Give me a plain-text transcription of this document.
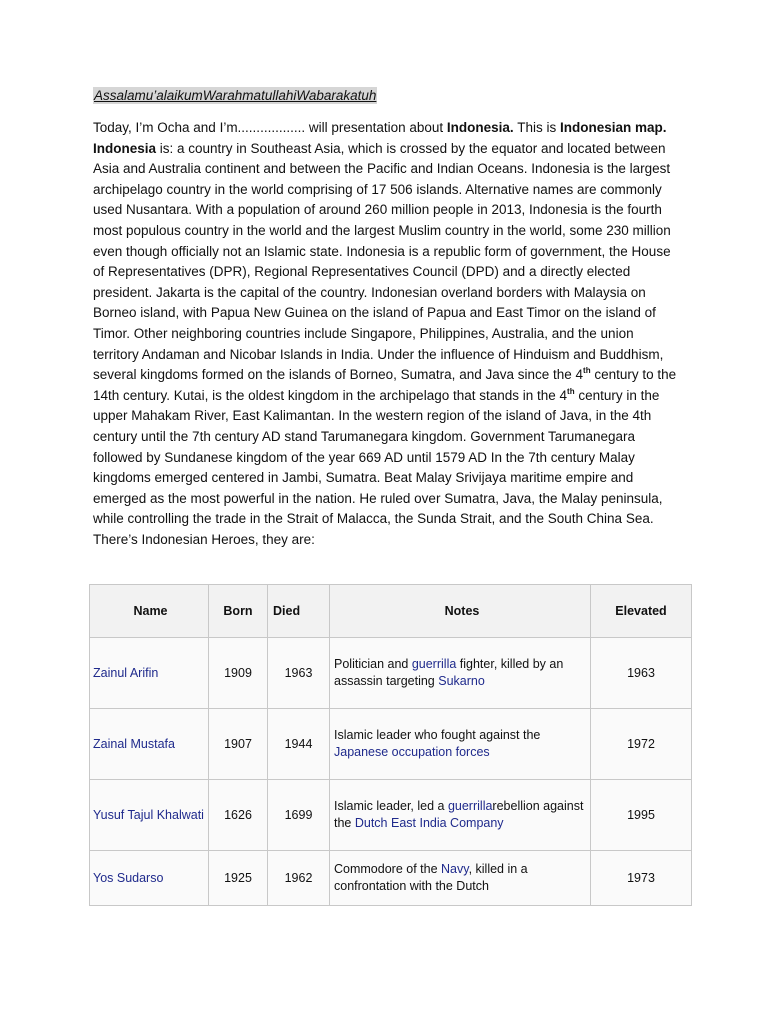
Assalamu’alaikumWarahmatullahiWabarakatuh

Today, I’m Ocha and I’m.................. will presentation about Indonesia. This is Indonesian map. Indonesia is: a country in Southeast Asia, which is crossed by the equator and located between Asia and Australia continent and between the Pacific and Indian Oceans. Indonesia is the largest archipelago country in the world comprising of 17 506 islands. Alternative names are commonly used Nusantara. With a population of around 260 million people in 2013, Indonesia is the fourth most populous country in the world and the largest Muslim country in the world, some 230 million even though officially not an Islamic state. Indonesia is a republic form of government, the House of Representatives (DPR), Regional Representatives Council (DPD) and a directly elected president. Jakarta is the capital of the country. Indonesian overland borders with Malaysia on Borneo island, with Papua New Guinea on the island of Papua and East Timor on the island of Timor. Other neighboring countries include Singapore, Philippines, Australia, and the union territory Andaman and Nicobar Islands in India. Under the influence of Hinduism and Buddhism, several kingdoms formed on the islands of Borneo, Sumatra, and Java since the 4th century to the 14th century. Kutai, is the oldest kingdom in the archipelago that stands in the 4th century in the upper Mahakam River, East Kalimantan. In the western region of the island of Java, in the 4th century until the 7th century AD stand Tarumanegara kingdom. Government Tarumanegara followed by Sundanese kingdom of the year 669 AD until 1579 AD In the 7th century Malay kingdoms emerged centered in Jambi, Sumatra. Beat Malay Srivijaya maritime empire and emerged as the most powerful in the nation. He ruled over Sumatra, Java, the Malay peninsula, while controlling the trade in the Strait of Malacca, the Sunda Strait, and the South China Sea. There’s Indonesian Heroes, they are:

Name	Born	Died	Notes	Elevated
Zainul Arifin	1909	1963	Politician and guerrilla fighter, killed by an assassin targeting Sukarno	1963
Zainal Mustafa	1907	1944	Islamic leader who fought against the Japanese occupation forces	1972
Yusuf Tajul Khalwati	1626	1699	Islamic leader, led a guerrillarebellion against the Dutch East India Company	1995
Yos Sudarso	1925	1962	Commodore of the Navy, killed in a confrontation with the Dutch	1973
